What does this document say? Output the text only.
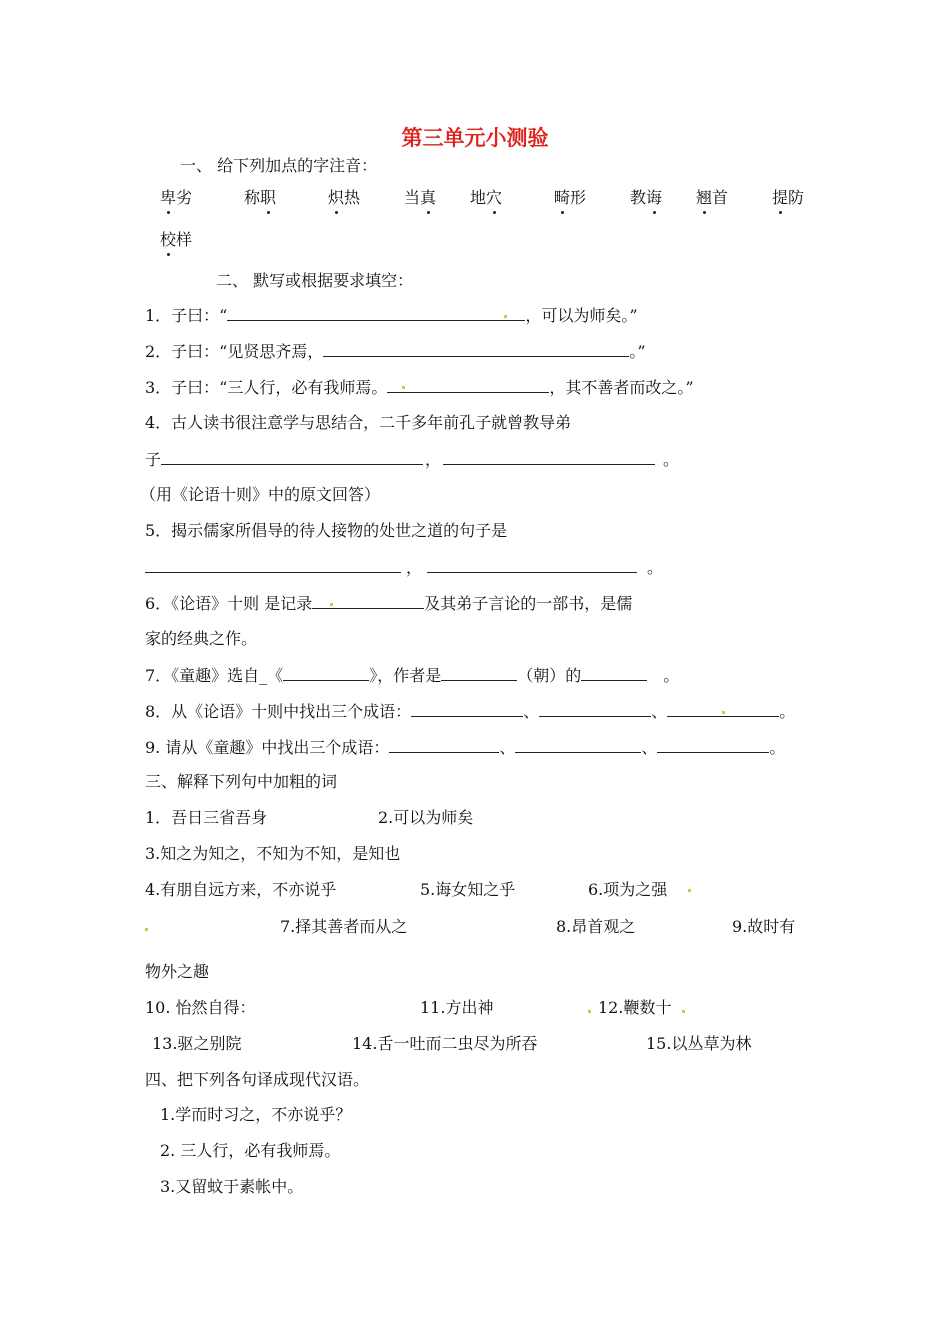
第三单元小测验
一、 给下列加点的字注音：
卑劣	称职	炽热	当真 地穴	畸形	教诲 翘首	提防
校样
二、 默写或根据要求填空：
1．子曰：“	，可以为师矣。”
2．子曰：“见贤思齐焉，	。”
3．子曰：“三人行，必有我师焉。	，其不善者而改之。”
4．古人读书很注意学与思结合，二千多年前孔子就曾教导弟
子	，	。
（用《论语十则》中的原文回答）
5．揭示儒家所倡导的待人接物的处世之道的句子是
，	。
6．《论语》十则 是记录	及其弟子言论的一部书，是儒
家的经典之作。
7．《童趣》选自_《	》，作者是	（朝）的	。
8．从《论语》十则中找出三个成语：	、	、	。
9. 请从《童趣》中找出三个成语：	、	、	。
三、解释下列句中加粗的词
1．吾日三省吾身	2.可以为师矣
3.知之为知之，不知为不知，是知也
4.有朋自远方来，不亦说乎	5.诲女知之乎	6.项为之强
7.择其善者而从之	8.昂首观之	9.故时有
物外之趣
10. 怡然自得：	11.方出神	12.鞭数十
13.驱之别院	14.舌一吐而二虫尽为所吞	15.以丛草为林
四、把下列各句译成现代汉语。
1.学而时习之，不亦说乎？
2. 三人行，必有我师焉。
3.又留蚊于素帐中。
